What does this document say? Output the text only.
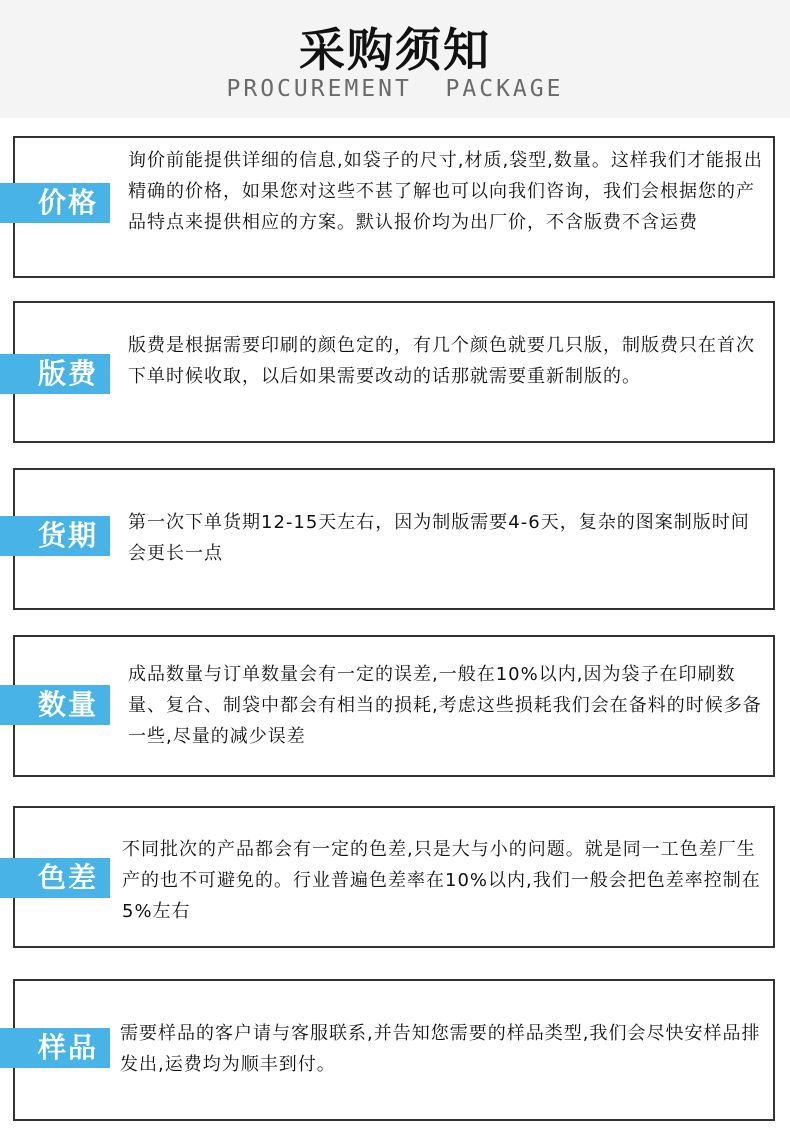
采购须知
PROCUREMENT  PACKAGE
价格
询价前能提供详细的信息,如袋子的尺寸,材质,袋型,数量。这样我们才能报出精确的价格，如果您对这些不甚了解也可以向我们咨询，我们会根据您的产品特点来提供相应的方案。默认报价均为出厂价，不含版费不含运费
版费
版费是根据需要印刷的颜色定的，有几个颜色就要几只版，制版费只在首次下单时候收取，以后如果需要改动的话那就需要重新制版的。
货期	第一次下单货期12-15天左右，因为制版需要4-6天，复杂的图案制版时间会更长一点
数量
成品数量与订单数量会有一定的误差,一般在10%以内,因为袋子在印刷数量、复合、制袋中都会有相当的损耗,考虑这些损耗我们会在备料的时候多备一些,尽量的减少误差
色差
不同批次的产品都会有一定的色差,只是大与小的问题。就是同一工色差厂生产的也不可避免的。行业普遍色差率在10%以内,我们一般会把色差率控制在5%左右
样品	需要样品的客户请与客服联系,并告知您需要的样品类型,我们会尽快安样品排发出,运费均为顺丰到付。
